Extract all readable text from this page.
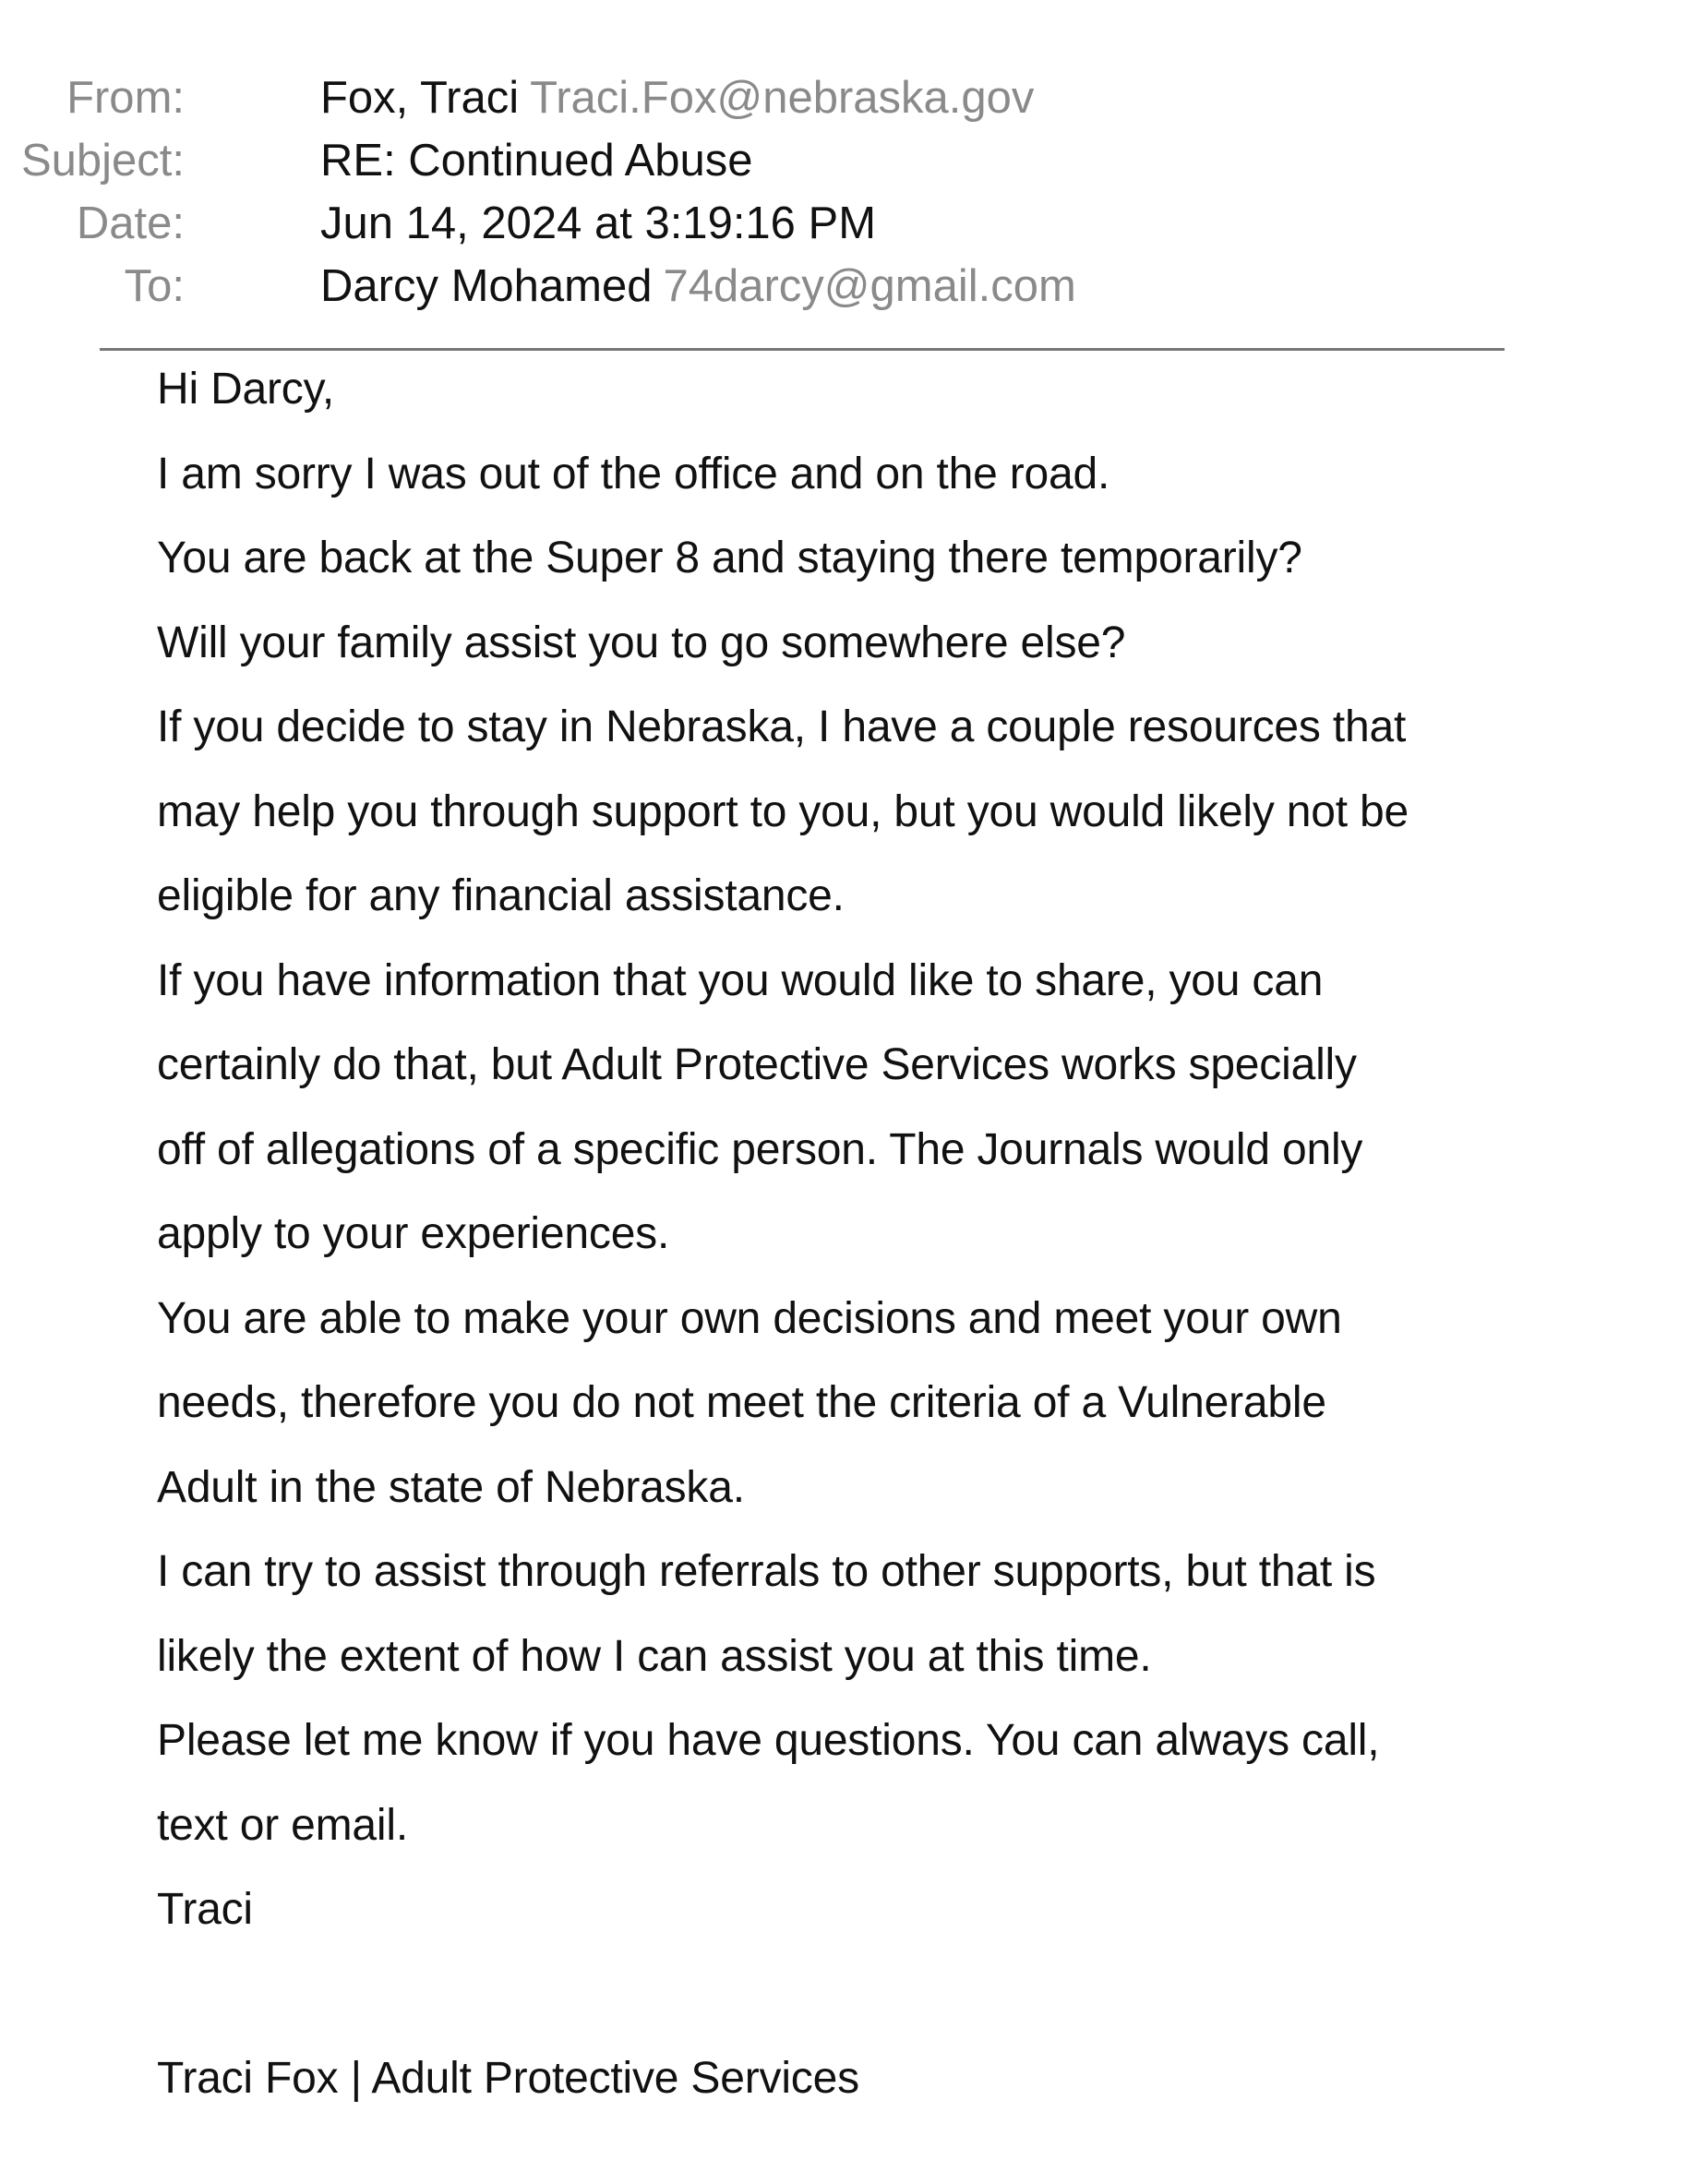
From:	Fox, Traci Traci.Fox@nebraska.gov
Subject:	RE: Continued Abuse
Date:	Jun 14, 2024 at 3:19:16 PM
To:	Darcy Mohamed 74darcy@gmail.com
Hi Darcy,
I am sorry I was out of the office and on the road.
You are back at the Super 8 and staying there temporarily?
Will your family assist you to go somewhere else?
If you decide to stay in Nebraska, I have a couple resources that
may help you through support to you, but you would likely not be
eligible for any financial assistance.
If you have information that you would like to share, you can
certainly do that, but Adult Protective Services works specially
off of allegations of a specific person. The Journals would only
apply to your experiences.
You are able to make your own decisions and meet your own
needs, therefore you do not meet the criteria of a Vulnerable
Adult in the state of Nebraska.
I can try to assist through referrals to other supports, but that is
likely the extent of how I can assist you at this time.
Please let me know if you have questions. You can always call,
text or email.
Traci
Traci Fox | Adult Protective Services
